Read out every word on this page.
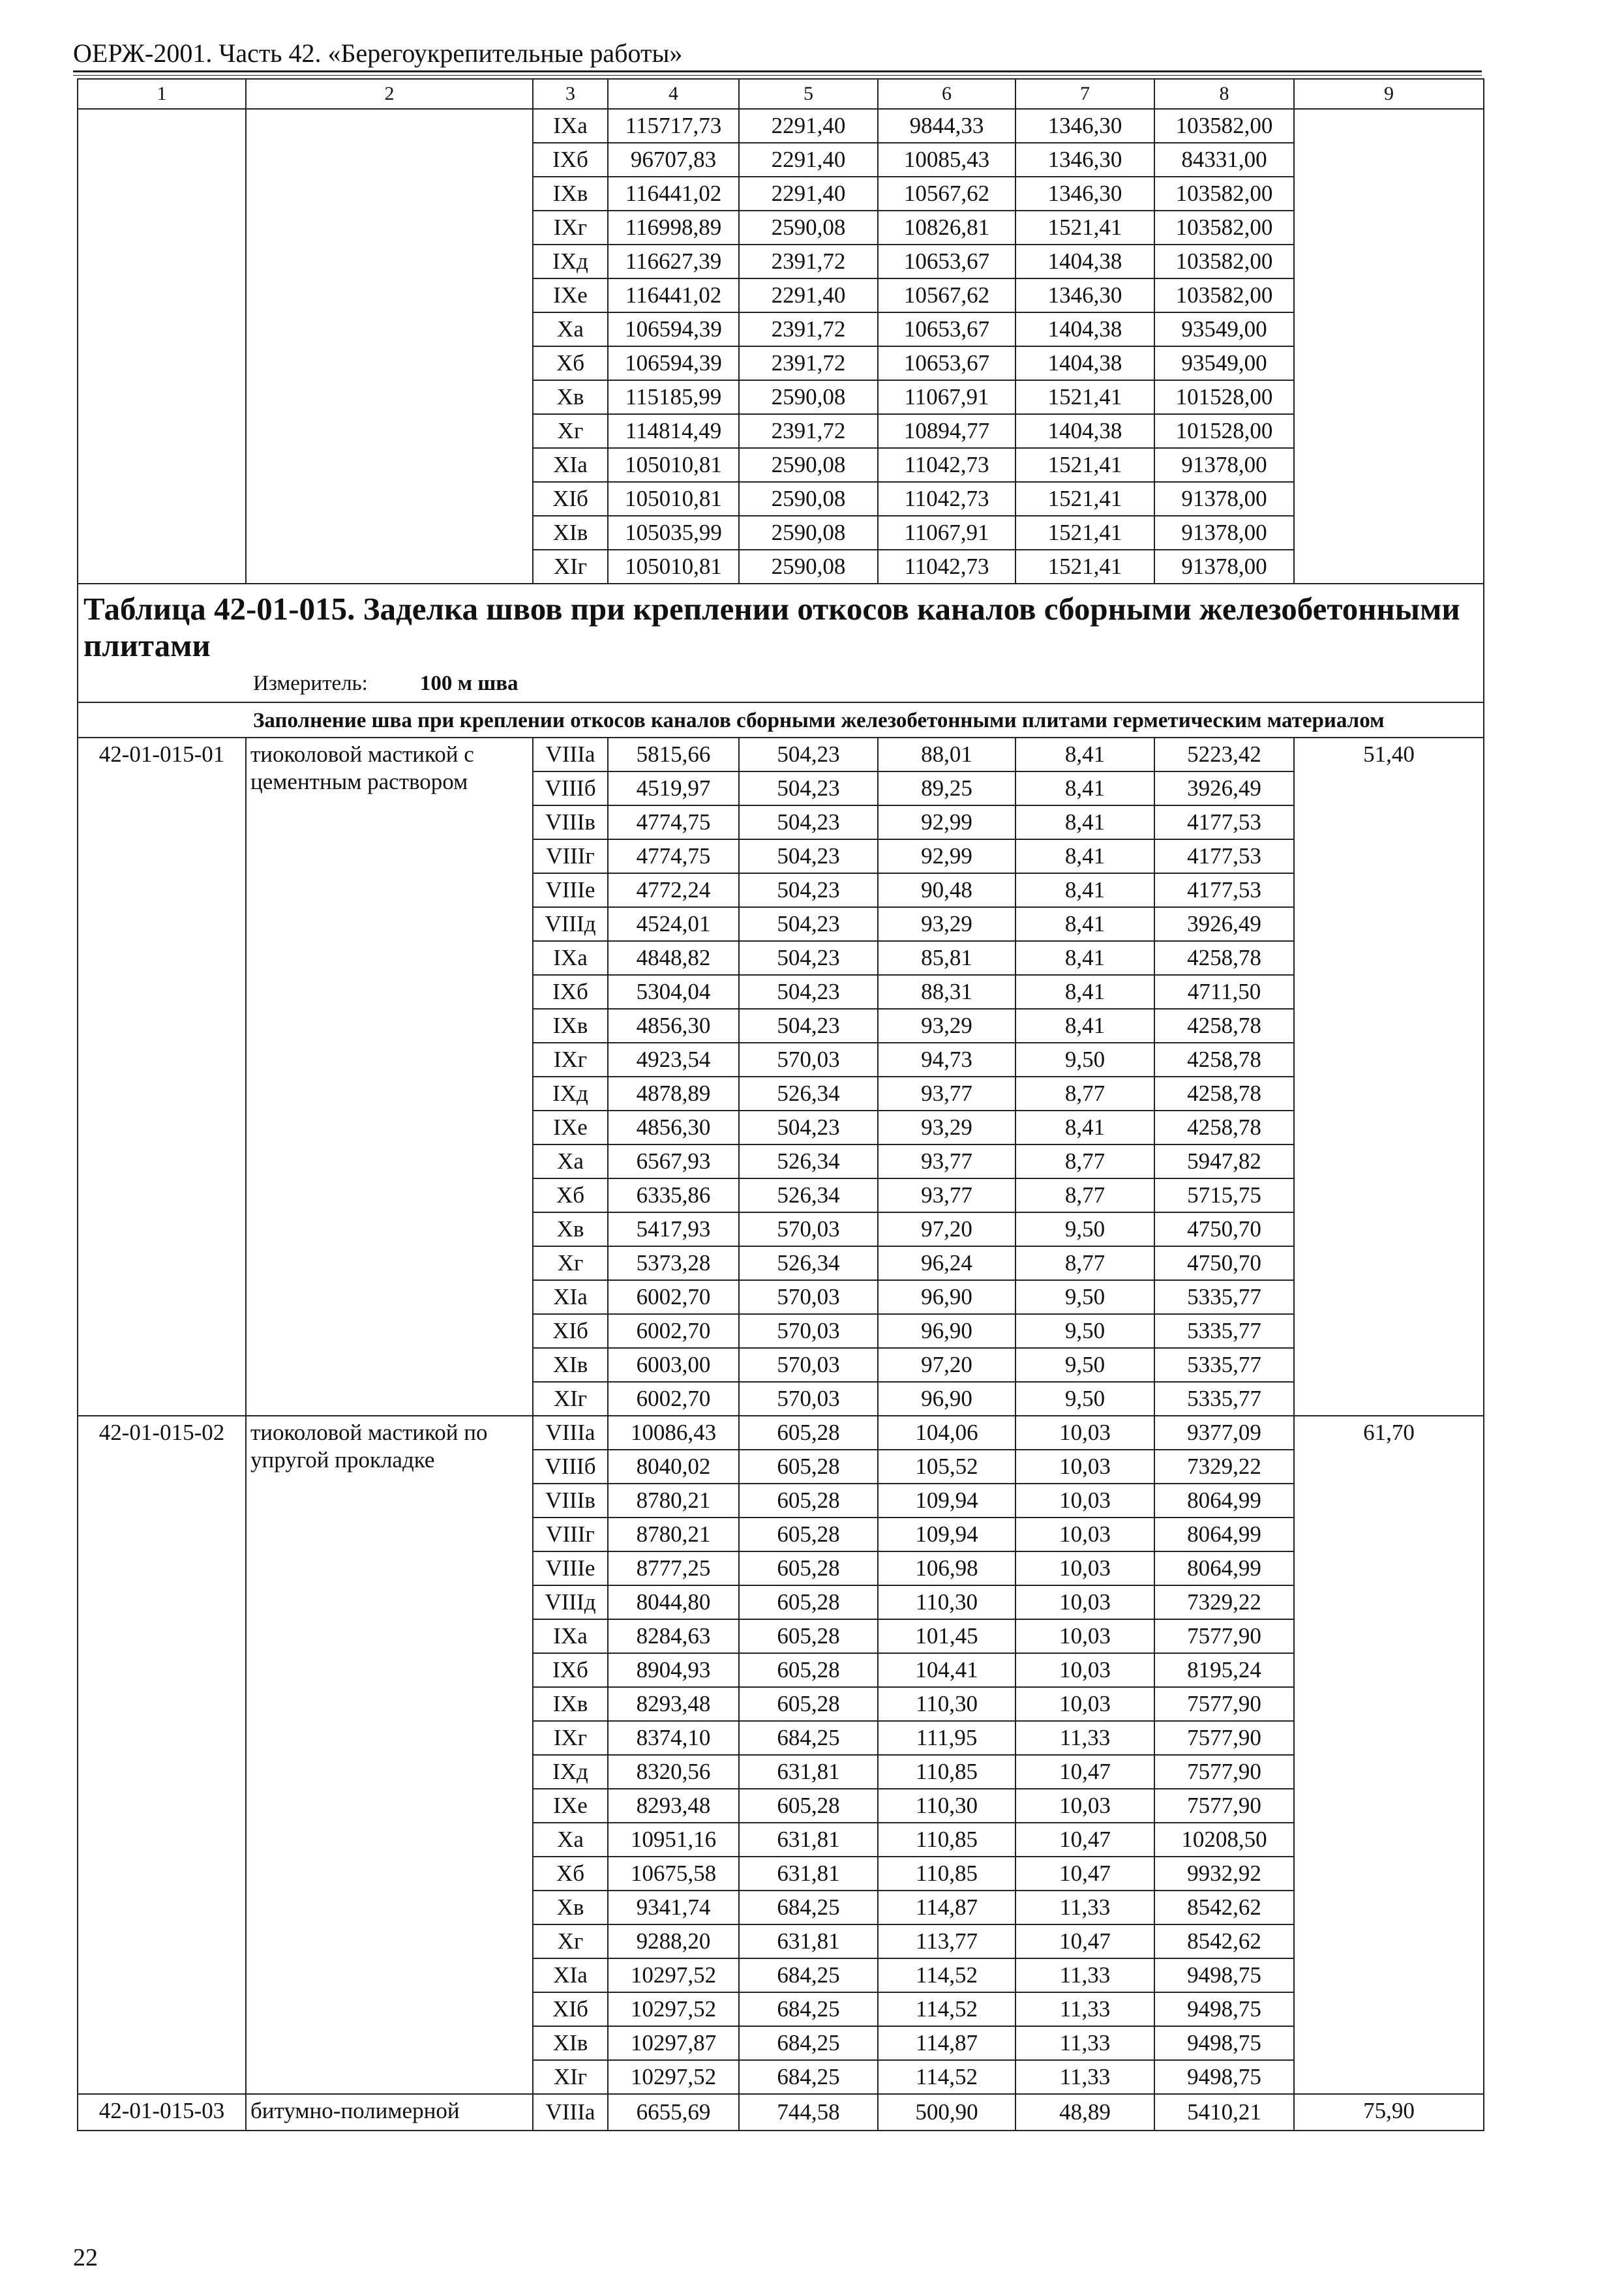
ОЕРЖ-2001. Часть 42. «Берегоукрепительные работы»
1	2	3	4	5	6	7	8	9
		IXа	115717,73	2291,40	9844,33	1346,30	103582,00	
		IXб	96707,83	2291,40	10085,43	1346,30	84331,00	
		IXв	116441,02	2291,40	10567,62	1346,30	103582,00	
		IXг	116998,89	2590,08	10826,81	1521,41	103582,00	
		IXд	116627,39	2391,72	10653,67	1404,38	103582,00	
		IXе	116441,02	2291,40	10567,62	1346,30	103582,00	
		Xа	106594,39	2391,72	10653,67	1404,38	93549,00	
		Xб	106594,39	2391,72	10653,67	1404,38	93549,00	
		Xв	115185,99	2590,08	11067,91	1521,41	101528,00	
		Xг	114814,49	2391,72	10894,77	1404,38	101528,00	
		XIа	105010,81	2590,08	11042,73	1521,41	91378,00	
		XIб	105010,81	2590,08	11042,73	1521,41	91378,00	
		XIв	105035,99	2590,08	11067,91	1521,41	91378,00	
		XIг	105010,81	2590,08	11042,73	1521,41	91378,00	
Таблица 42-01-015. Заделка швов при креплении откосов каналов сборными железобетонными плитами
Измеритель: 100 м шва								

Заполнение шва при креплении откосов каналов сборными железобетонными плитами герметическим материалом								
42-01-015-01	тиоколовой мастикой с цементным раствором	VIIIа	5815,66	504,23	88,01	8,41	5223,42	51,40
		VIIIб	4519,97	504,23	89,25	8,41	3926,49	
		VIIIв	4774,75	504,23	92,99	8,41	4177,53	
		VIIIг	4774,75	504,23	92,99	8,41	4177,53	
		VIIIе	4772,24	504,23	90,48	8,41	4177,53	
		VIIIд	4524,01	504,23	93,29	8,41	3926,49	
		IXа	4848,82	504,23	85,81	8,41	4258,78	
		IXб	5304,04	504,23	88,31	8,41	4711,50	
		IXв	4856,30	504,23	93,29	8,41	4258,78	
		IXг	4923,54	570,03	94,73	9,50	4258,78	
		IXд	4878,89	526,34	93,77	8,77	4258,78	
		IXе	4856,30	504,23	93,29	8,41	4258,78	
		Xа	6567,93	526,34	93,77	8,77	5947,82	
		Xб	6335,86	526,34	93,77	8,77	5715,75	
		Xв	5417,93	570,03	97,20	9,50	4750,70	
		Xг	5373,28	526,34	96,24	8,77	4750,70	
		XIа	6002,70	570,03	96,90	9,50	5335,77	
		XIб	6002,70	570,03	96,90	9,50	5335,77	
		XIв	6003,00	570,03	97,20	9,50	5335,77	
		XIг	6002,70	570,03	96,90	9,50	5335,77	
42-01-015-02	тиоколовой мастикой по упругой прокладке	VIIIа	10086,43	605,28	104,06	10,03	9377,09	61,70
		VIIIб	8040,02	605,28	105,52	10,03	7329,22	
		VIIIв	8780,21	605,28	109,94	10,03	8064,99	
		VIIIг	8780,21	605,28	109,94	10,03	8064,99	
		VIIIе	8777,25	605,28	106,98	10,03	8064,99	
		VIIIд	8044,80	605,28	110,30	10,03	7329,22	
		IXа	8284,63	605,28	101,45	10,03	7577,90	
		IXб	8904,93	605,28	104,41	10,03	8195,24	
		IXв	8293,48	605,28	110,30	10,03	7577,90	
		IXг	8374,10	684,25	111,95	11,33	7577,90	
		IXд	8320,56	631,81	110,85	10,47	7577,90	
		IXе	8293,48	605,28	110,30	10,03	7577,90	
		Xа	10951,16	631,81	110,85	10,47	10208,50	
		Xб	10675,58	631,81	110,85	10,47	9932,92	
		Xв	9341,74	684,25	114,87	11,33	8542,62	
		Xг	9288,20	631,81	113,77	10,47	8542,62	
		XIа	10297,52	684,25	114,52	11,33	9498,75	
		XIб	10297,52	684,25	114,52	11,33	9498,75	
		XIв	10297,87	684,25	114,87	11,33	9498,75	
		XIг	10297,52	684,25	114,52	11,33	9498,75	
42-01-015-03	битумно-полимерной	VIIIа	6655,69	744,58	500,90	48,89	5410,21	75,90
22
